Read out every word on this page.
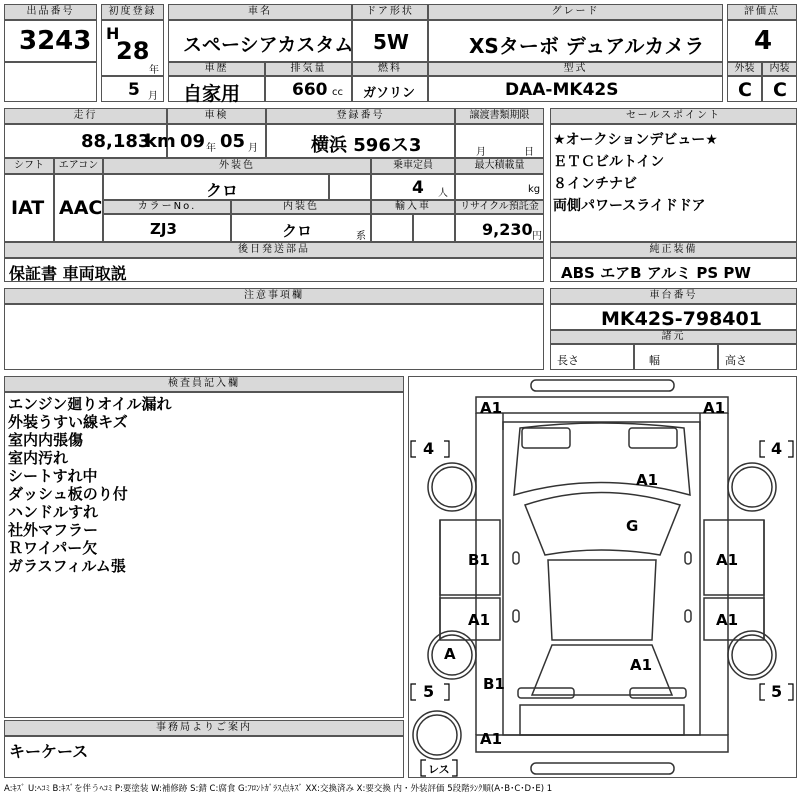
出品番号
3243
初度登録
H
28
年
5 月
車名
スペーシアカスタム
ドア形状
5W
グレード
XSターボ デュアルカメラ
評価点
4
車歴
自家用
排気量
660 cc
燃料
ガソリン
型式
DAA-MK42S
外装
C
内装
C
走行
88,183
km
車検
09 年 05 月
登録番号
横浜 596ス3
譲渡書類期限
月	日
シフト
IAT
エアコン
AAC
外装色
クロ
乗車定員
4 人
最大積載量
kg
カラーNo.
ZJ3
内装色
クロ	系
輸入車	リサイクル預託金
9,230 円
セールスポイント
★オークションデビュー★
ＥＴＣビルトイン
８インチナビ
両側パワースライドドア
後日発送部品
保証書 車両取説
純正装備
ABS エアB アルミ PS PW
注意事項欄	車台番号
MK42S-798401
諸元
長さ	幅	高さ
検査員記入欄
エンジン廻りオイル漏れ
外装うすい線キズ
室内内張傷
室内汚れ
シートすれ中
ダッシュ板のり付
ハンドルすれ
社外マフラー
Ｒワイパー欠
ガラスフィルム張
事務局よりご案内
キーケース
4	4
5	5
レス
A1	A1
A1
G
B1	A1
A1	A1
A
A1
B1
A1
A:ｷｽﾞ U:ﾍｺﾐ B:ｷｽﾞを伴うﾍｺﾐ P:要塗装 W:補修跡 S:錆 C:腐食 G:ﾌﾛﾝﾄｶﾞﾗｽ点ｷｽﾞ XX:交換済み X:要交換 内・外装評価 5段階ﾗﾝｸ順(A･B･C･D･E) 1
